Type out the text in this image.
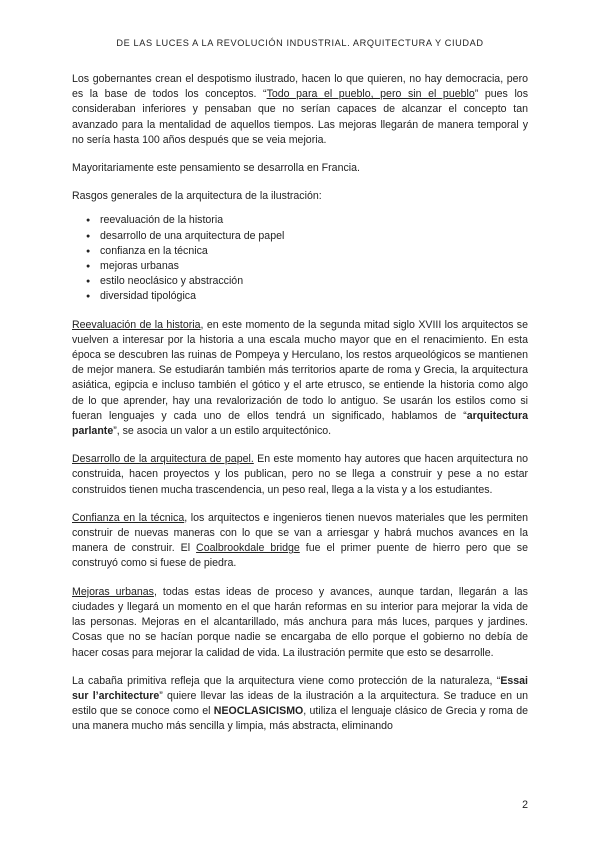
DE LAS LUCES A LA REVOLUCIÓN INDUSTRIAL. ARQUITECTURA Y CIUDAD

Los gobernantes crean el despotismo ilustrado, hacen lo que quieren, no hay democracia, pero es la base de todos los conceptos. “Todo para el pueblo, pero sin el pueblo” pues los consideraban inferiores y pensaban que no serían capaces de alcanzar el concepto tan avanzado para la mentalidad de aquellos tiempos. Las mejoras llegarán de manera temporal y no sería hasta 100 años después que se veia mejoria.

Mayoritariamente este pensamiento se desarrolla en Francia.

Rasgos generales de la arquitectura de la ilustración:

● reevaluación de la historia
● desarrollo de una arquitectura de papel
● confianza en la técnica
● mejoras urbanas
● estilo neoclásico y abstracción
● diversidad tipológica

Reevaluación de la historia, en este momento de la segunda mitad siglo XVIII los arquitectos se vuelven a interesar por la historia a una escala mucho mayor que en el renacimiento. En esta época se descubren las ruinas de Pompeya y Herculano, los restos arqueológicos se mantienen de mejor manera. Se estudiarán también más territorios aparte de roma y Grecia, la arquitectura asiática, egipcia e incluso también el gótico y el arte etrusco, se entiende la historia como algo de lo que aprender, hay una revalorización de todo lo antiguo. Se usarán los estilos como si fueran lenguajes y cada uno de ellos tendrá un significado, hablamos de “arquitectura parlante”, se asocia un valor a un estilo arquitectónico.

Desarrollo de la arquitectura de papel. En este momento hay autores que hacen arquitectura no construida, hacen proyectos y los publican, pero no se llega a construir y pese a no estar construidos tienen mucha trascendencia, un peso real, llega a la vista y a los estudiantes.

Confianza en la técnica, los arquitectos e ingenieros tienen nuevos materiales que les permiten construir de nuevas maneras con lo que se van a arriesgar y habrá muchos avances en la manera de construir. El Coalbrookdale bridge fue el primer puente de hierro pero que se construyó como si fuese de piedra.

Mejoras urbanas, todas estas ideas de proceso y avances, aunque tardan, llegarán a las ciudades y llegará un momento en el que harán reformas en su interior para mejorar la vida de las personas. Mejoras en el alcantarillado, más anchura para más luces, parques y jardines. Cosas que no se hacían porque nadie se encargaba de ello porque el gobierno no debía de hacer cosas para mejorar la calidad de vida. La ilustración permite que esto se desarrolle.

La cabaña primitiva refleja que la arquitectura viene como protección de la naturaleza, “Essai sur l’architecture” quiere llevar las ideas de la ilustración a la arquitectura. Se traduce en un estilo que se conoce como el NEOCLASICISMO, utiliza el lenguaje clásico de Grecia y roma de una manera mucho más sencilla y limpia, más abstracta, eliminando

2
